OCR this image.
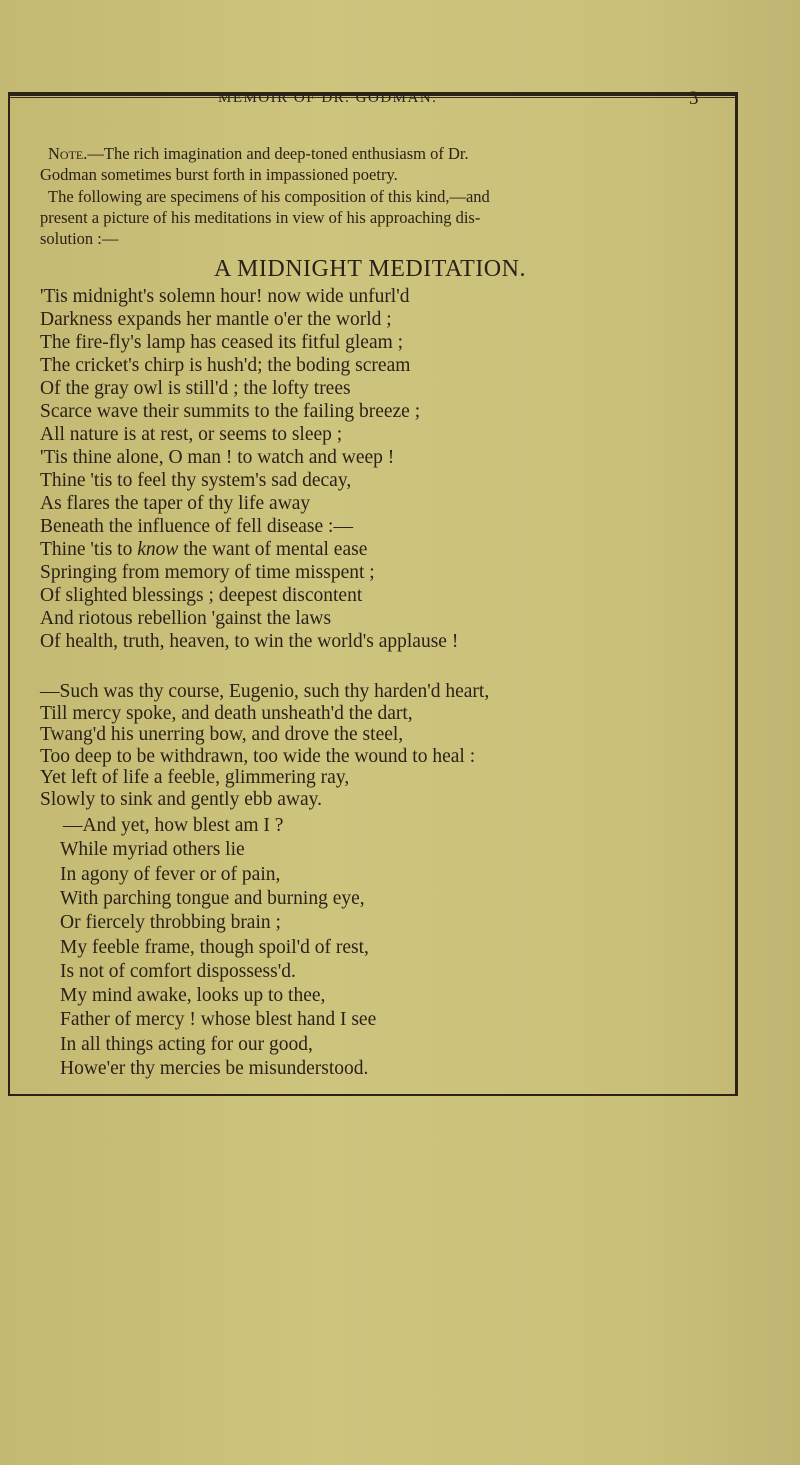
MEMOIR OF DR. GODMAN.	3
Note.—The rich imagination and deep-toned enthusiasm of Dr.
Godman sometimes burst forth in impassioned poetry.
The following are specimens of his composition of this kind,—and
present a picture of his meditations in view of his approaching dis-
solution :—
A MIDNIGHT MEDITATION.
'Tis midnight's solemn hour! now wide unfurl'd
Darkness expands her mantle o'er the world ;
The fire-fly's lamp has ceased its fitful gleam ;
The cricket's chirp is hush'd; the boding scream
Of the gray owl is still'd ; the lofty trees
Scarce wave their summits to the failing breeze ;
All nature is at rest, or seems to sleep ;
'Tis thine alone, O man ! to watch and weep !
Thine 'tis to feel thy system's sad decay,
As flares the taper of thy life away
Beneath the influence of fell disease :—
Thine 'tis to know the want of mental ease
Springing from memory of time misspent ;
Of slighted blessings ; deepest discontent
And riotous rebellion 'gainst the laws
Of health, truth, heaven, to win the world's applause !
—Such was thy course, Eugenio, such thy harden'd heart,
Till mercy spoke, and death unsheath'd the dart,
Twang'd his unerring bow, and drove the steel,
Too deep to be withdrawn, too wide the wound to heal :
Yet left of life a feeble, glimmering ray,
Slowly to sink and gently ebb away.
—And yet, how blest am I ?
While myriad others lie
In agony of fever or of pain,
With parching tongue and burning eye,
Or fiercely throbbing brain ;
My feeble frame, though spoil'd of rest,
Is not of comfort dispossess'd.
My mind awake, looks up to thee,
Father of mercy ! whose blest hand I see
In all things acting for our good,
Howe'er thy mercies be misunderstood.
